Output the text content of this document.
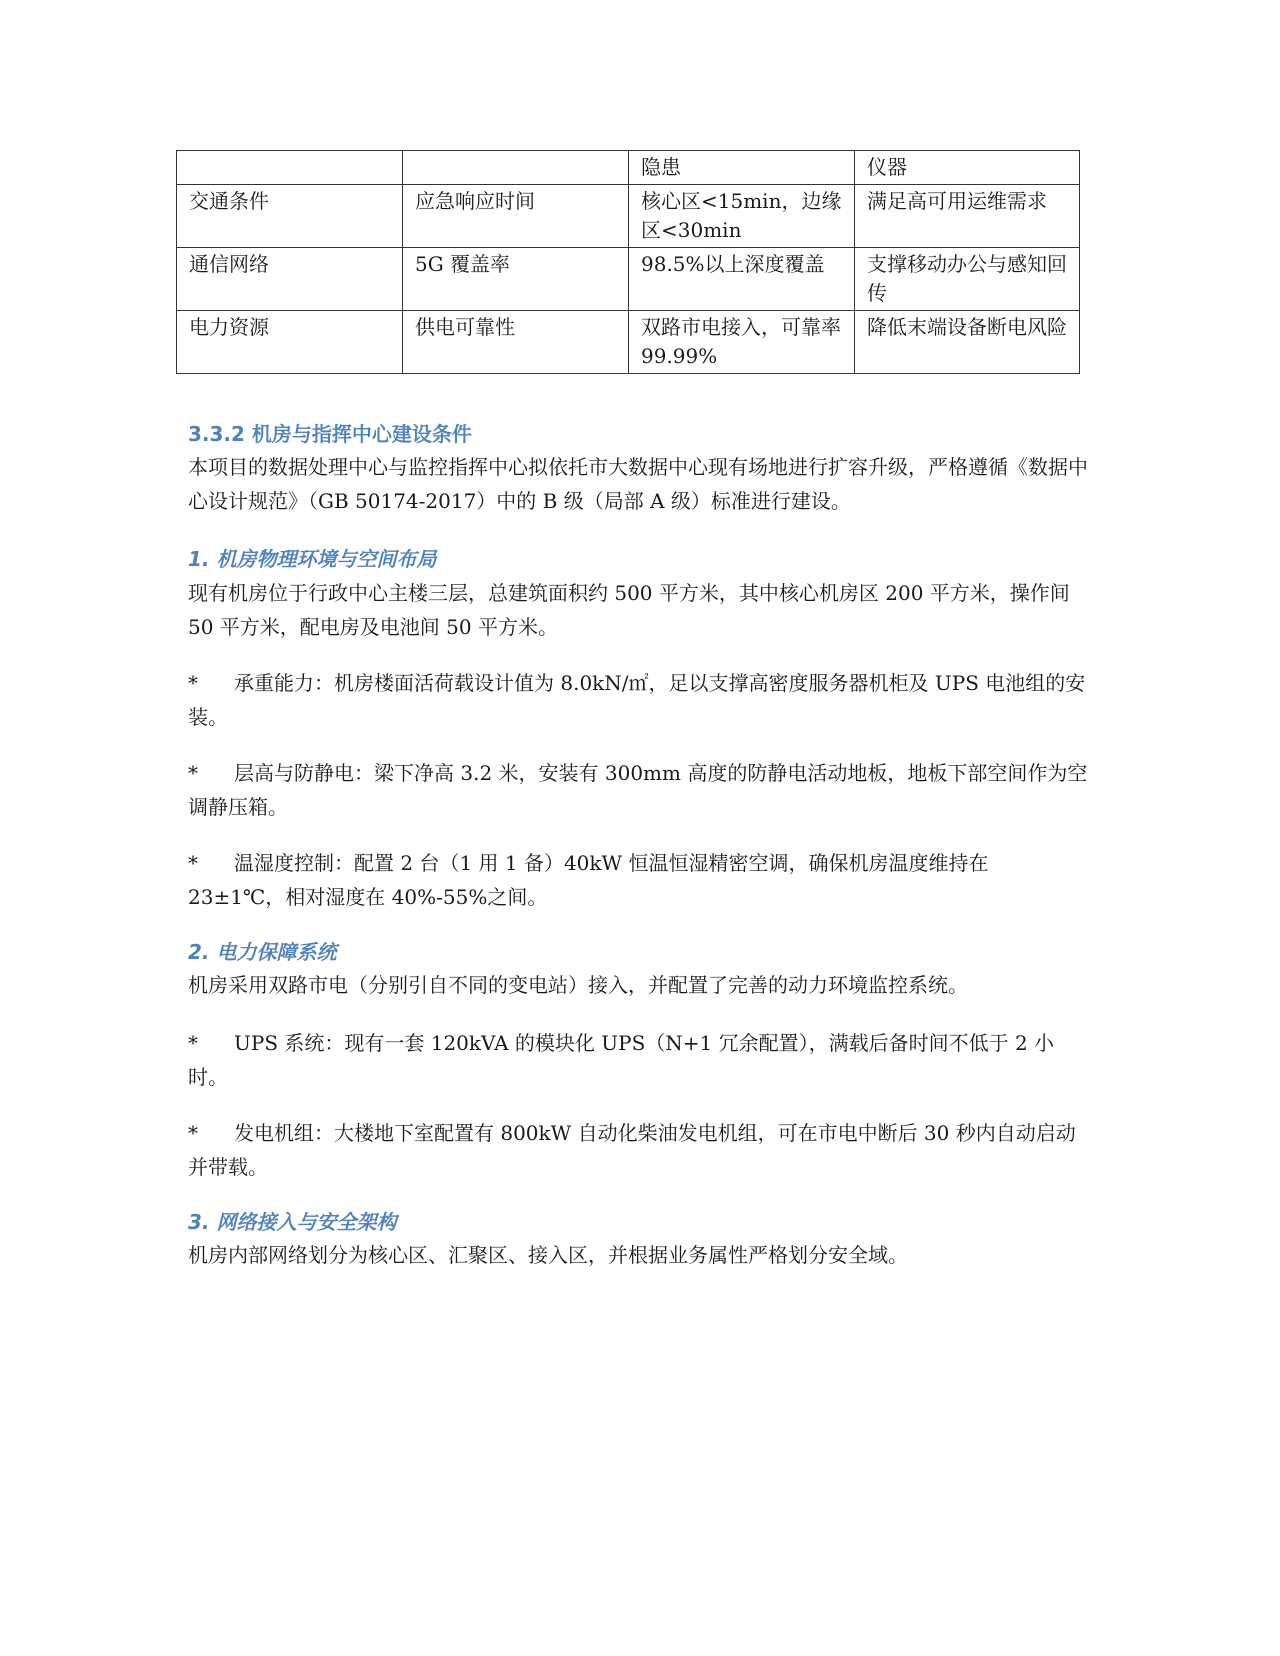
		隐患	仪器
交通条件	应急响应时间	核心区<15min，边缘区<30min	满足高可用运维需求
通信网络	5G 覆盖率	98.5%以上深度覆盖	支撑移动办公与感知回传
电力资源	供电可靠性	双路市电接入，可靠率 99.99%	降低末端设备断电风险
3.3.2 机房与指挥中心建设条件

本项目的数据处理中心与监控指挥中心拟依托市大数据中心现有场地进行扩容升级，严格遵循《数据中心设计规范》（GB 50174-2017）中的 B 级（局部 A 级）标准进行建设。

1. 机房物理环境与空间布局

现有机房位于行政中心主楼三层，总建筑面积约 500 平方米，其中核心机房区 200 平方米，操作间 50 平方米，配电房及电池间 50 平方米。

* 承重能力：机房楼面活荷载设计值为 8.0kN/㎡，足以支撑高密度服务器机柜及 UPS 电池组的安装。

* 层高与防静电：梁下净高 3.2 米，安装有 300mm 高度的防静电活动地板，地板下部空间作为空调静压箱。

* 温湿度控制：配置 2 台（1 用 1 备）40kW 恒温恒湿精密空调，确保机房温度维持在 23±1℃，相对湿度在 40%-55%之间。

2. 电力保障系统

机房采用双路市电（分别引自不同的变电站）接入，并配置了完善的动力环境监控系统。

* UPS 系统：现有一套 120kVA 的模块化 UPS（N+1 冗余配置），满载后备时间不低于 2 小时。

* 发电机组：大楼地下室配置有 800kW 自动化柴油发电机组，可在市电中断后 30 秒内自动启动并带载。

3. 网络接入与安全架构

机房内部网络划分为核心区、汇聚区、接入区，并根据业务属性严格划分安全域。
